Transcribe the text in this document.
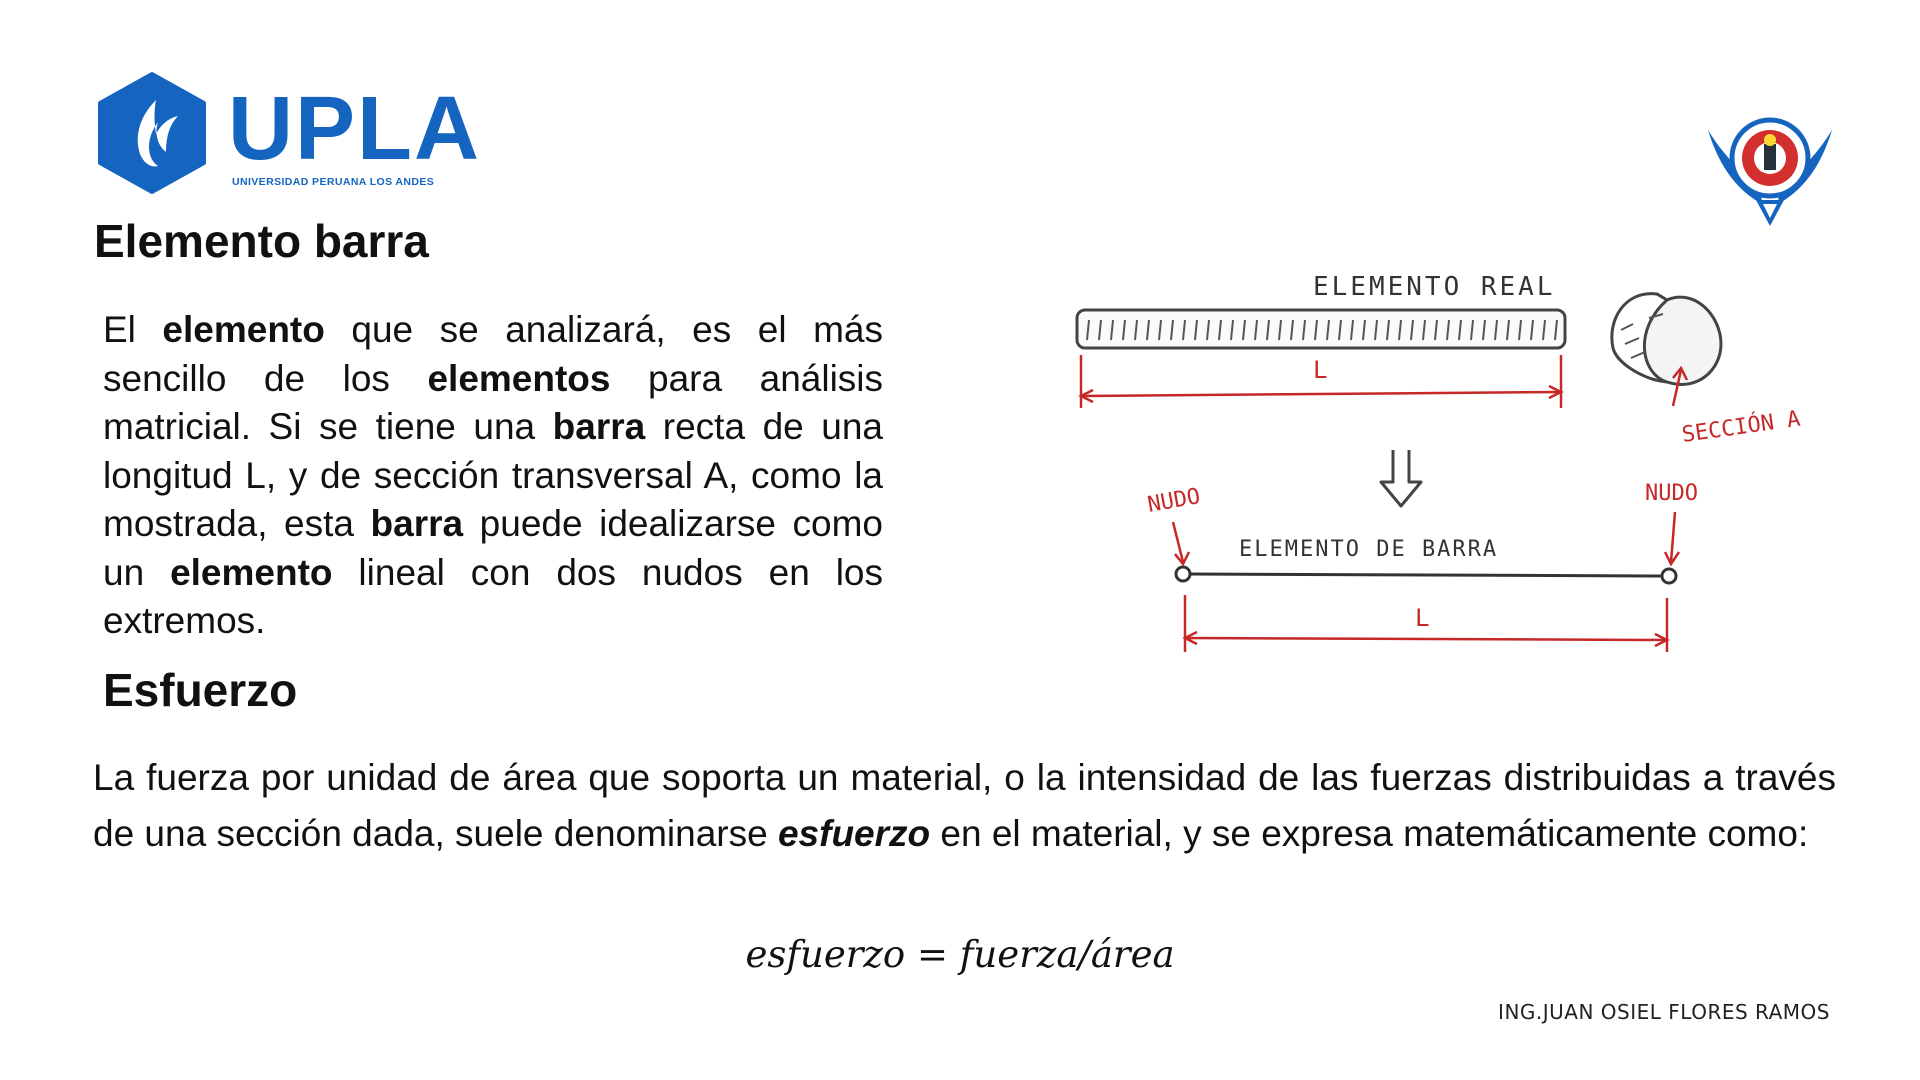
UPLA
UNIVERSIDAD PERUANA LOS ANDES
Elemento barra

El elemento que se analizará, es el más sencillo de los elementos para análisis matricial. Si se tiene una barra recta de una longitud L, y de sección transversal A, como la mostrada, esta barra puede idealizarse como un elemento lineal con dos nudos en los extremos.

ELEMENTO REAL
L
SECCIÓN A
NUDO	NUDO
ELEMENTO DE BARRA
L
Esfuerzo

La fuerza por unidad de área que soporta un material, o la intensidad de las fuerzas distribuidas a través de una sección dada, suele denominarse esfuerzo en el material, y se expresa matemáticamente como:

esfuerzo = fuerza/área
ING.JUAN OSIEL FLORES RAMOS
